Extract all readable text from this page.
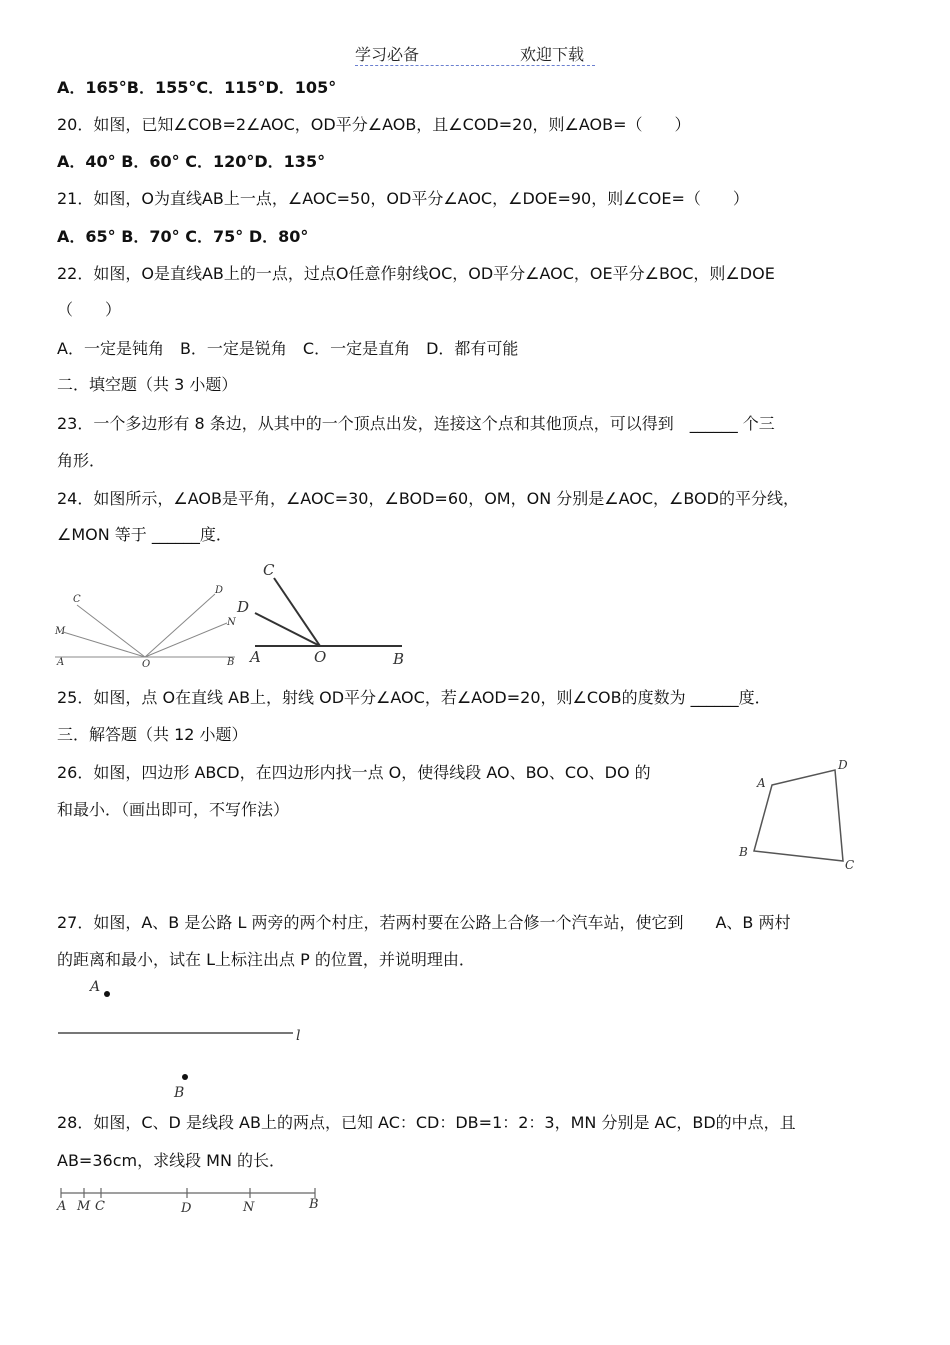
学习必备	欢迎下载
A．165°B．155°C．115°D．105°
20．如图，已知∠COB=2∠AOC，OD平分∠AOB，且∠COD=20，则∠AOB=（　　）
A．40° B．60° C．120°D．135°
21．如图，O为直线AB上一点，∠AOC=50，OD平分∠AOC，∠DOE=90，则∠COE=（　　）
A．65° B．70° C．75° D．80°
22．如图，O是直线AB上的一点，过点O任意作射线OC，OD平分∠AOC，OE平分∠BOC，则∠DOE
（　　）
A．一定是钝角　B．一定是锐角　C．一定是直角　D．都有可能
二．填空题（共 3 小题）
23．一个多边形有 8 条边，从其中的一个顶点出发，连接这个点和其他顶点，可以得到　______ 个三
角形．
24．如图所示，∠AOB是平角，∠AOC=30，∠BOD=60，OM，ON 分别是∠AOC，∠BOD的平分线，
∠MON 等于 ______度．
C
D
M
N
A	O	B
C
D
A	O	B
25．如图，点 O在直线 AB上，射线 OD平分∠AOC，若∠AOD=20，则∠COB的度数为 ______度．
三．解答题（共 12 小题）
26．如图，四边形 ABCD，在四边形内找一点 O，使得线段 AO、BO、CO、DO 的
和最小．（画出即可，不写作法）
A
D
B
C
27．如图，A、B 是公路 L 两旁的两个村庄，若两村要在公路上合修一个汽车站，使它到　　A、B 两村
的距离和最小，试在 L上标注出点 P 的位置，并说明理由．
A
l
B
28．如图，C、D 是线段 AB上的两点，已知 AC：CD：DB=1：2：3，MN 分别是 AC，BD的中点，且
AB=36cm，求线段 MN 的长．
A M C	D	N	B
